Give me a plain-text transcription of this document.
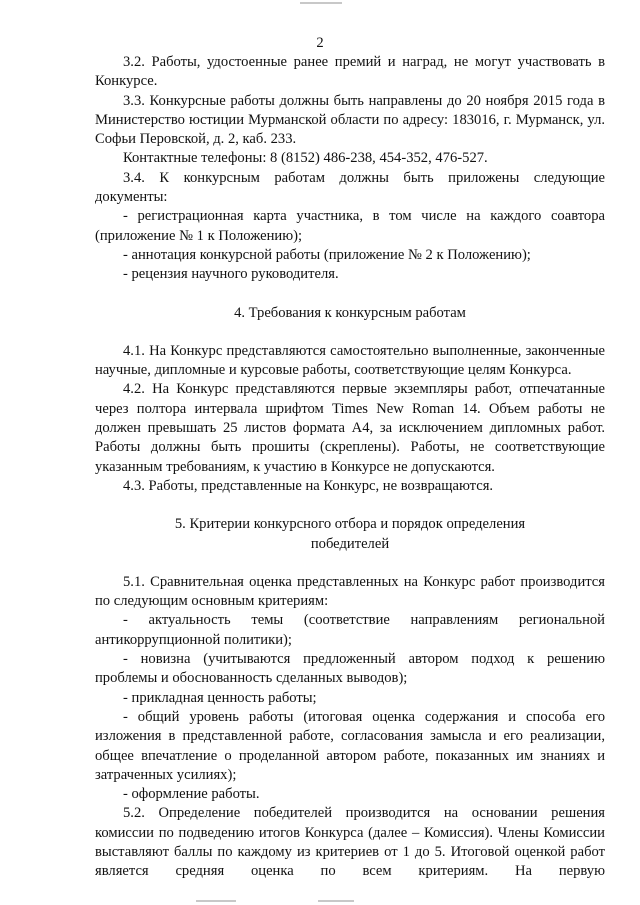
2

3.2. Работы, удостоенные ранее премий и наград, не могут участвовать в Конкурсе.

3.3. Конкурсные работы должны быть направлены до 20 ноября 2015 года в Министерство юстиции Мурманской области по адресу: 183016, г. Мурманск, ул. Софьи Перовской, д. 2, каб. 233.

Контактные телефоны: 8 (8152) 486-238, 454-352, 476-527.

3.4. К конкурсным работам должны быть приложены следующие документы:

- регистрационная карта участника, в том числе на каждого соавтора (приложение № 1 к Положению);

- аннотация конкурсной работы (приложение № 2 к Положению);

- рецензия научного руководителя.

4. Требования к конкурсным работам

4.1. На Конкурс представляются самостоятельно выполненные, законченные научные, дипломные и курсовые работы, соответствующие целям Конкурса.

4.2. На Конкурс представляются первые экземпляры работ, отпечатанные через полтора интервала шрифтом Times New Roman 14. Объем работы не должен превышать 25 листов формата А4, за исключением дипломных работ. Работы должны быть прошиты (скреплены). Работы, не соответствующие указанным требованиям, к участию в Конкурсе не допускаются.

4.3. Работы, представленные на Конкурс, не возвращаются.

5. Критерии конкурсного отбора и порядок определения

победителей

5.1. Сравнительная оценка представленных на Конкурс работ производится по следующим основным критериям:

- актуальность темы (соответствие направлениям региональной антикоррупционной политики);

- новизна (учитываются предложенный автором подход к решению проблемы и обоснованность сделанных выводов);

- прикладная ценность работы;

- общий уровень работы (итоговая оценка содержания и способа его изложения в представленной работе, согласования замысла и его реализации, общее впечатление о проделанной автором работе, показанных им знаниях и затраченных усилиях);

- оформление работы.

5.2. Определение победителей производится на основании решения комиссии по подведению итогов Конкурса (далее – Комиссия). Члены Комиссии выставляют баллы по каждому из критериев от 1 до 5. Итоговой оценкой работ является средняя оценка по всем критериям. На первую
